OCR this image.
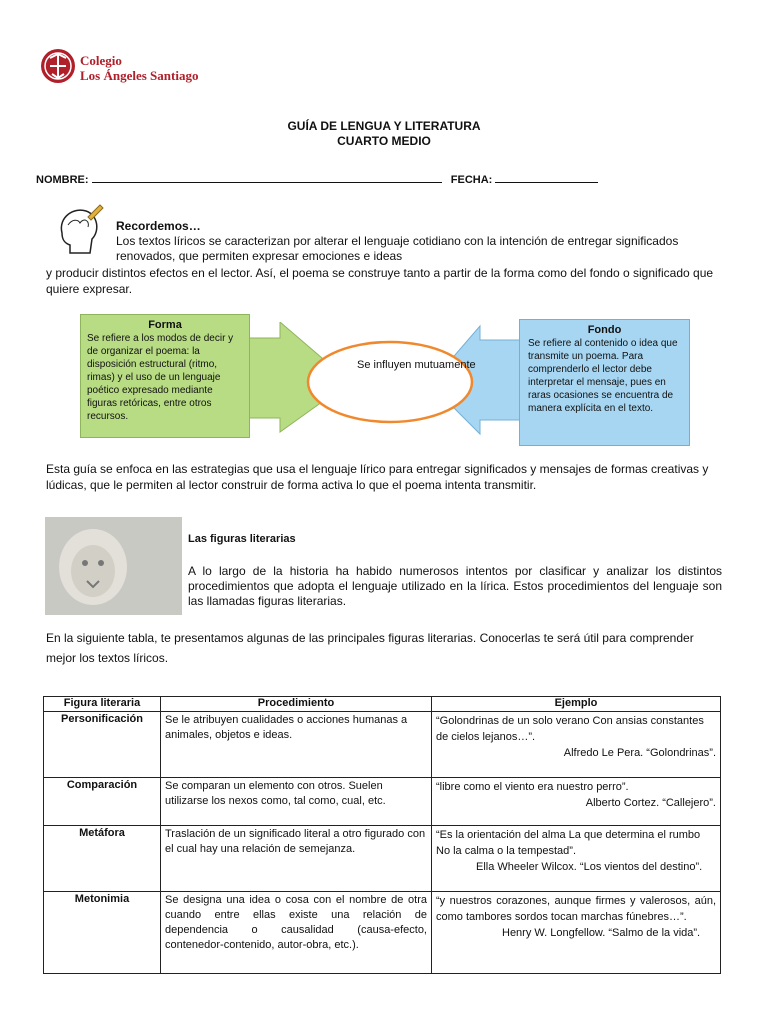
Colegio
Los Ángeles Santiago
GUÍA DE LENGUA Y LITERATURA
CUARTO MEDIO
NOMBRE:	FECHA:
Recordemos…
Los textos líricos se caracterizan por alterar el lenguaje cotidiano con la intención de entregar significados renovados, que permiten expresar emociones e ideas
y producir distintos efectos en el lector. Así, el poema se construye tanto a partir de la forma como del fondo o significado que quiere expresar.
Forma
Se refiere a los modos de decir y de organizar el poema: la disposición estructural (ritmo, rimas) y el uso de un lenguaje poético expresado mediante figuras retóricas, entre otros recursos.
Fondo
Se refiere al contenido o idea que transmite un poema. Para comprenderlo el lector debe interpretar el mensaje, pues en raras ocasiones se encuentra de manera explícita en el texto.
Se influyen mutuamente
Esta guía se enfoca en las estrategias que usa el lenguaje lírico para entregar significados y mensajes de formas creativas y lúdicas, que le permiten al lector construir de forma activa lo que el poema intenta transmitir.
Las figuras literarias
A lo largo de la historia ha habido numerosos intentos por clasificar y analizar los distintos procedimientos que adopta el lenguaje utilizado en la lírica. Estos procedimientos del lenguaje son las llamadas figuras literarias.
En la siguiente tabla, te presentamos algunas de las principales figuras literarias. Conocerlas te será útil para comprender mejor los textos líricos.
Figura literaria	Procedimiento	Ejemplo
Personificación	Se le atribuyen cualidades o acciones humanas a animales, objetos e ideas.	“Golondrinas de un solo verano Con ansias constantes de cielos lejanos…”.
Alfredo Le Pera. “Golondrinas”.

Comparación	Se comparan un elemento con otros. Suelen utilizarse los nexos como, tal como, cual, etc.	“libre como el viento era nuestro perro”.
Alberto Cortez. “Callejero”.

Metáfora	Traslación de un significado literal a otro figurado con el cual hay una relación de semejanza.	“Es la orientación del alma La que determina el rumbo No la calma o la tempestad”.
Ella Wheeler Wilcox. “Los vientos del destino”.

Metonimia	Se designa una idea o cosa con el nombre de otra cuando entre ellas existe una relación de dependencia o causalidad (causa-efecto, contenedor-contenido, autor-obra, etc.).	“y nuestros corazones, aunque firmes y valerosos, aún, como tambores sordos tocan marchas fúnebres…”.
Henry W. Longfellow. “Salmo de la vida”.
